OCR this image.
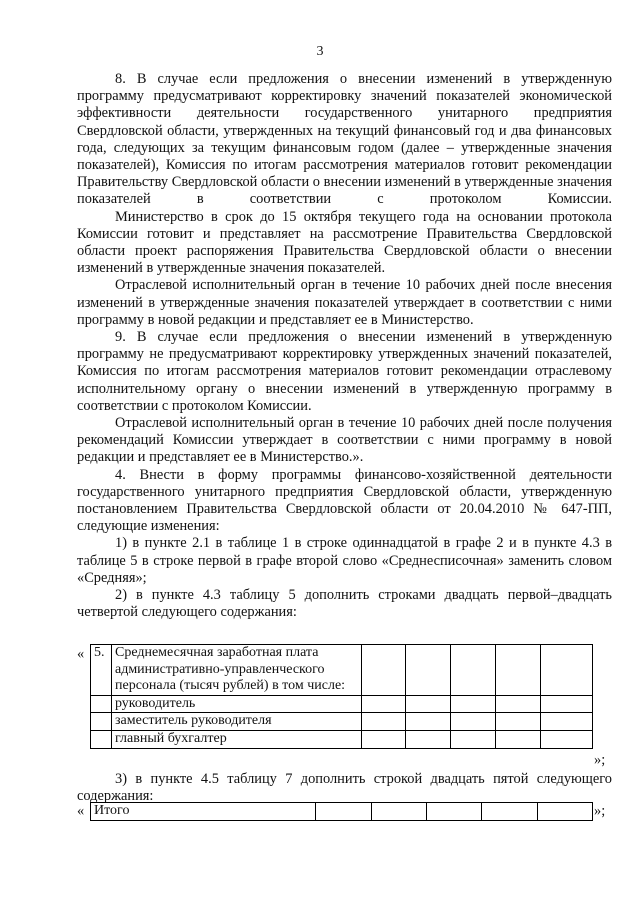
3

8. В случае если предложения о внесении изменений в утвержденную программу предусматривают корректировку значений показателей экономической эффективности деятельности государственного унитарного предприятия Свердловской области, утвержденных на текущий финансовый год и два финансовых года, следующих за текущим финансовым годом (далее – утвержденные значения показателей), Комиссия по итогам рассмотрения материалов готовит рекомендации Правительству Свердловской области о внесении изменений в утвержденные значения показателей в соответствии с протоколом Комиссии.

Министерство в срок до 15 октября текущего года на основании протокола Комиссии готовит и представляет на рассмотрение Правительства Свердловской области проект распоряжения Правительства Свердловской области о внесении изменений в утвержденные значения показателей.

Отраслевой исполнительный орган в течение 10 рабочих дней после внесения изменений в утвержденные значения показателей утверждает в соответствии с ними программу в новой редакции и представляет ее в Министерство.

9. В случае если предложения о внесении изменений в утвержденную программу не предусматривают корректировку утвержденных значений показателей, Комиссия по итогам рассмотрения материалов готовит рекомендации отраслевому исполнительному органу о внесении изменений в утвержденную программу в соответствии с протоколом Комиссии.

Отраслевой исполнительный орган в течение 10 рабочих дней после получения рекомендаций Комиссии утверждает в соответствии с ними программу в новой редакции и представляет ее в Министерство.».

4. Внести в форму программы финансово-хозяйственной деятельности государственного унитарного предприятия Свердловской области, утвержденную постановлением Правительства Свердловской области от 20.04.2010 № 647-ПП, следующие изменения:

1) в пункте 2.1 в таблице 1 в строке одиннадцатой в графе 2 и в пункте 4.3 в таблице 5 в строке первой в графе второй слово «Среднесписочная» заменить словом «Средняя»;

2) в пункте 4.3 таблицу 5 дополнить строками двадцать первой–двадцать четвертой следующего содержания:

« 5.	Среднемесячная заработная плата административно-управленческого персонала (тысяч рублей) в том числе:					
	руководитель					
	заместитель руководителя					
	главный бухгалтер					
»;

3) в пункте 4.5 таблицу 7 дополнить строкой двадцать пятой следующего содержания:

« Итого						»;
